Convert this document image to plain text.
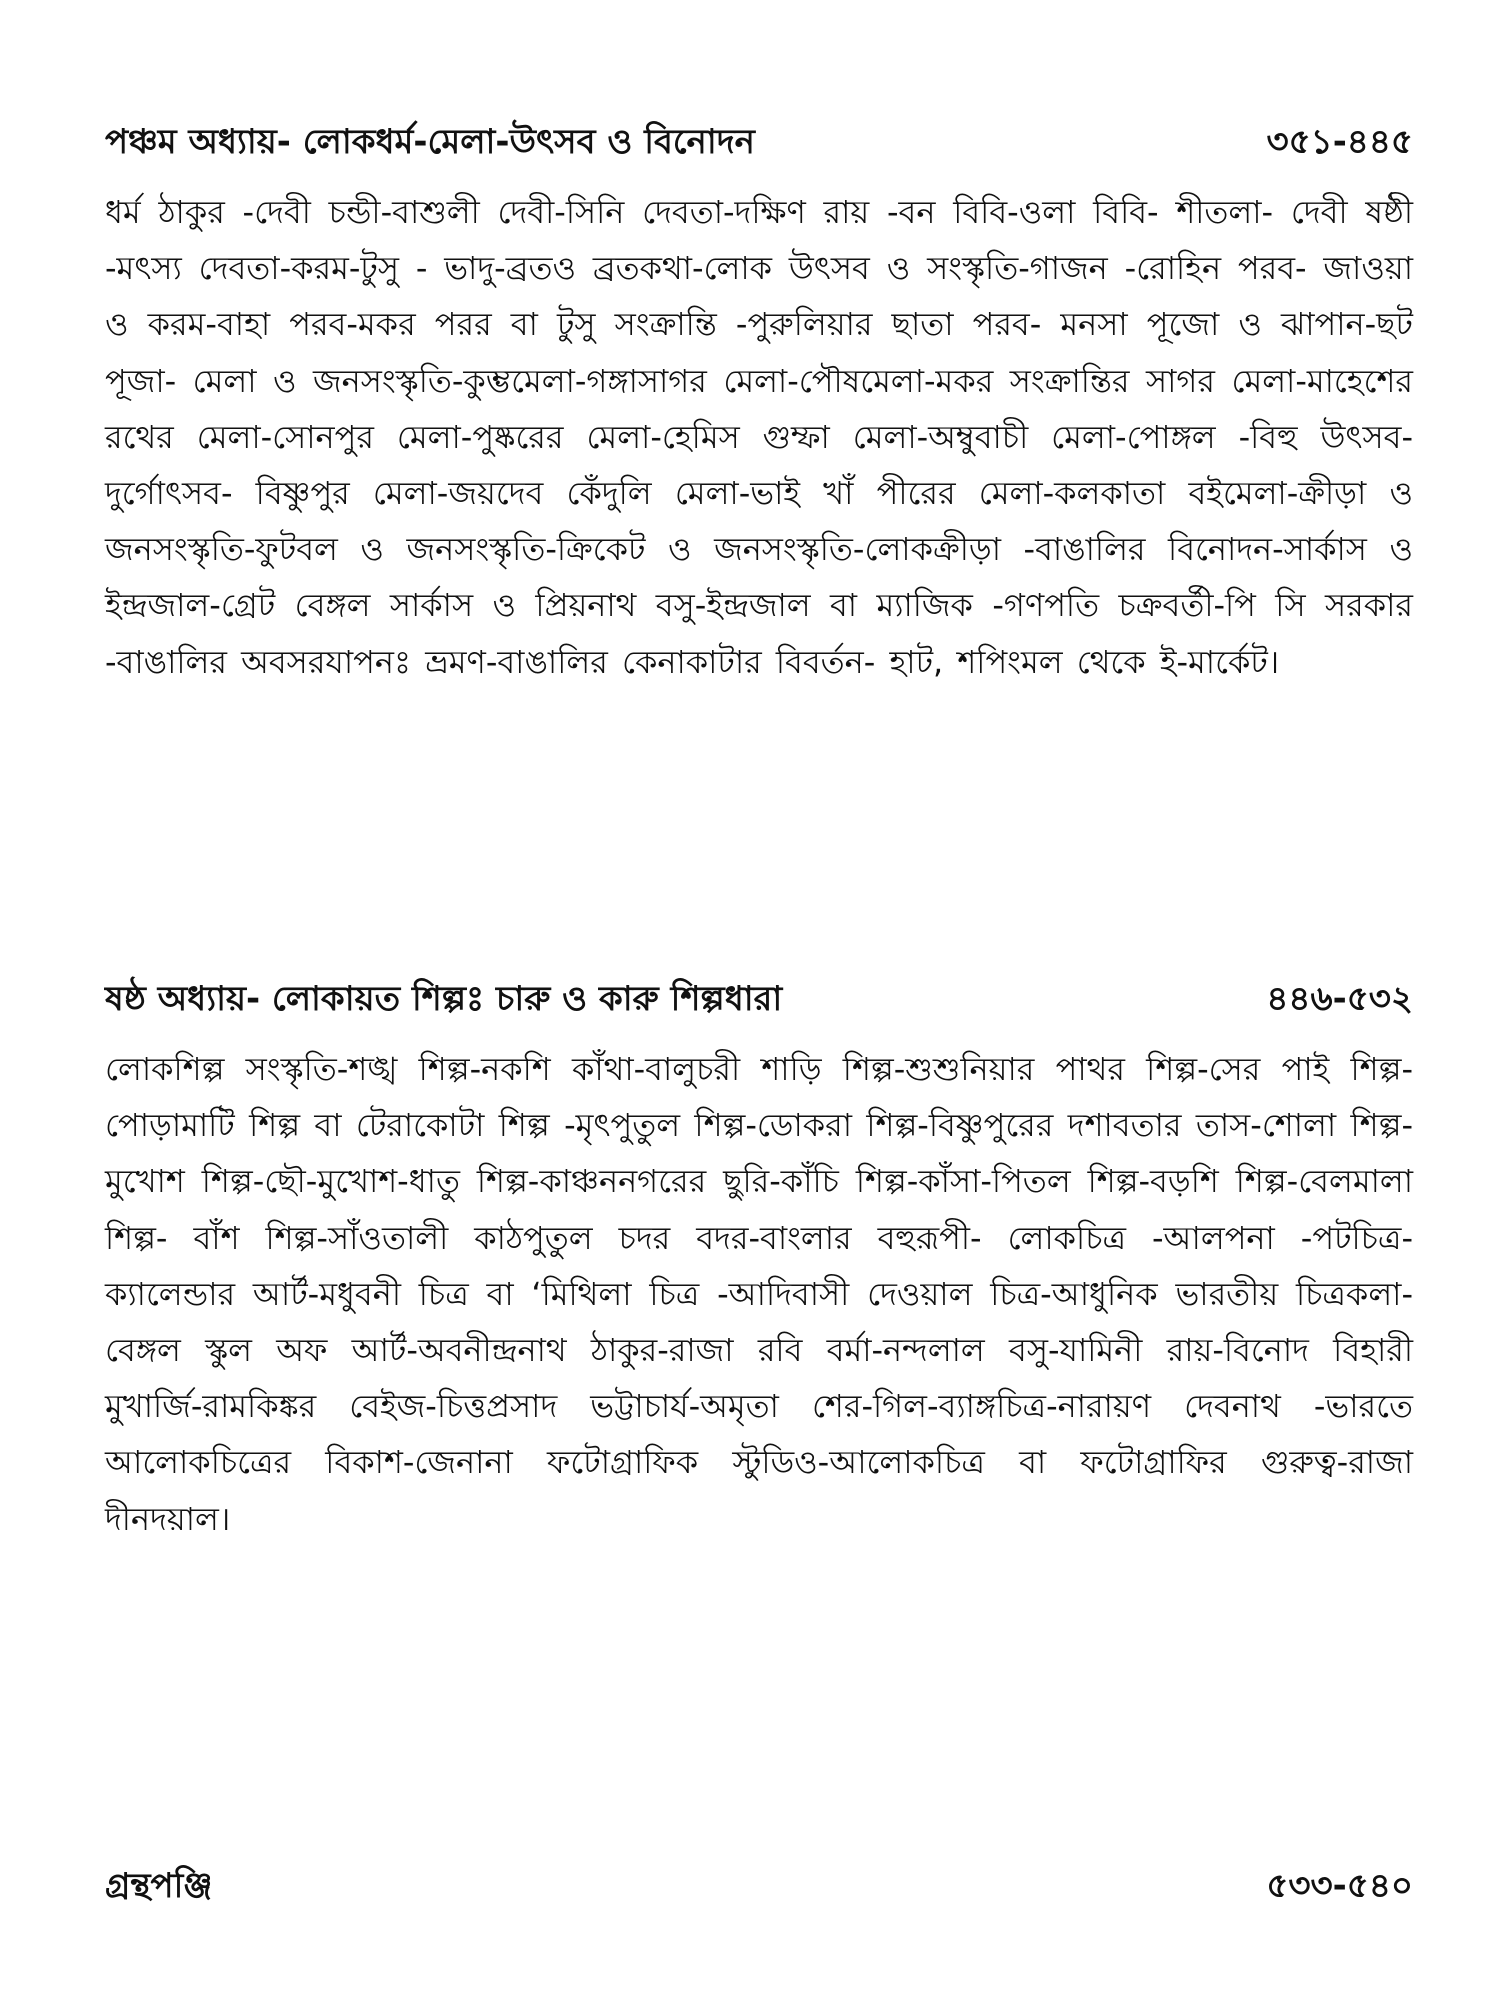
পঞ্চম অধ্যায়- লোকধর্ম-মেলা-উৎসব ও বিনোদন	৩৫১-৪৪৫
ধর্ম ঠাকুর -দেবী চন্ডী-বাশুলী দেবী-সিনি দেবতা-দক্ষিণ রায় -বন বিবি-ওলা বিবি- শীতলা- দেবী ষষ্ঠী -মৎস্য দেবতা-করম-টুসু - ভাদু-ব্রতও ব্রতকথা-লোক উৎসব ও সংস্কৃতি-গাজন -রোহিন পরব- জাওয়া ও করম-বাহা পরব-মকর পরর বা টুসু সংক্রান্তি -পুরুলিয়ার ছাতা পরব- মনসা পূজো ও ঝাপান-ছট পূজা- মেলা ও জনসংস্কৃতি-কুম্ভমেলা-গঙ্গাসাগর মেলা-পৌষমেলা-মকর সংক্রান্তির সাগর মেলা-মাহেশের রথের মেলা-সোনপুর মেলা-পুষ্করের মেলা-হেমিস গুম্ফা মেলা-অম্বুবাচী মেলা-পোঙ্গল -বিহু উৎসব-দুর্গোৎসব- বিষ্ণুপুর মেলা-জয়দেব কেঁদুলি মেলা-ভাই খাঁ পীরের মেলা-কলকাতা বইমেলা-ক্রীড়া ও জনসংস্কৃতি-ফুটবল ও জনসংস্কৃতি-ক্রিকেট ও জনসংস্কৃতি-লোকক্রীড়া -বাঙালির বিনোদন-সার্কাস ও ইন্দ্রজাল-গ্রেট বেঙ্গল সার্কাস ও প্রিয়নাথ বসু-ইন্দ্রজাল বা ম্যাজিক -গণপতি চক্রবর্তী-পি সি সরকার -বাঙালির অবসরযাপনঃ ভ্রমণ-বাঙালির কেনাকাটার বিবর্তন- হাট, শপিংমল থেকে ই-মার্কেট।
ষষ্ঠ অধ্যায়- লোকায়ত শিল্পঃ চারু ও কারু শিল্পধারা	৪৪৬-৫৩২
লোকশিল্প সংস্কৃতি-শঙ্খ শিল্প-নকশি কাঁথা-বালুচরী শাড়ি শিল্প-শুশুনিয়ার পাথর শিল্প-সের পাই শিল্প-পোড়ামাটি শিল্প বা টেরাকোটা শিল্প -মৃৎপুতুল শিল্প-ডোকরা শিল্প-বিষ্ণুপুরের দশাবতার তাস-শোলা শিল্প-মুখোশ শিল্প-ছৌ-মুখোশ-ধাতু শিল্প-কাঞ্চননগরের ছুরি-কাঁচি শিল্প-কাঁসা-পিতল শিল্প-বড়শি শিল্প-বেলমালা শিল্প- বাঁশ শিল্প-সাঁওতালী কাঠপুতুল চদর বদর-বাংলার বহুরূপী- লোকচিত্র -আলপনা -পটচিত্র-ক্যালেন্ডার আর্ট-মধুবনী চিত্র বা ‘মিথিলা চিত্র -আদিবাসী দেওয়াল চিত্র-আধুনিক ভারতীয় চিত্রকলা-বেঙ্গল স্কুল অফ আর্ট-অবনীন্দ্রনাথ ঠাকুর-রাজা রবি বর্মা-নন্দলাল বসু-যামিনী রায়-বিনোদ বিহারী মুখার্জি-রামকিঙ্কর বেইজ-চিত্তপ্রসাদ ভট্টাচার্য-অমৃতা শের-গিল-ব্যাঙ্গচিত্র-নারায়ণ দেবনাথ -ভারতে আলোকচিত্রের বিকাশ-জেনানা ফটোগ্রাফিক স্টুডিও-আলোকচিত্র বা ফটোগ্রাফির গুরুত্ব-রাজা দীনদয়াল।
গ্রন্থপঞ্জি	৫৩৩-৫৪০
